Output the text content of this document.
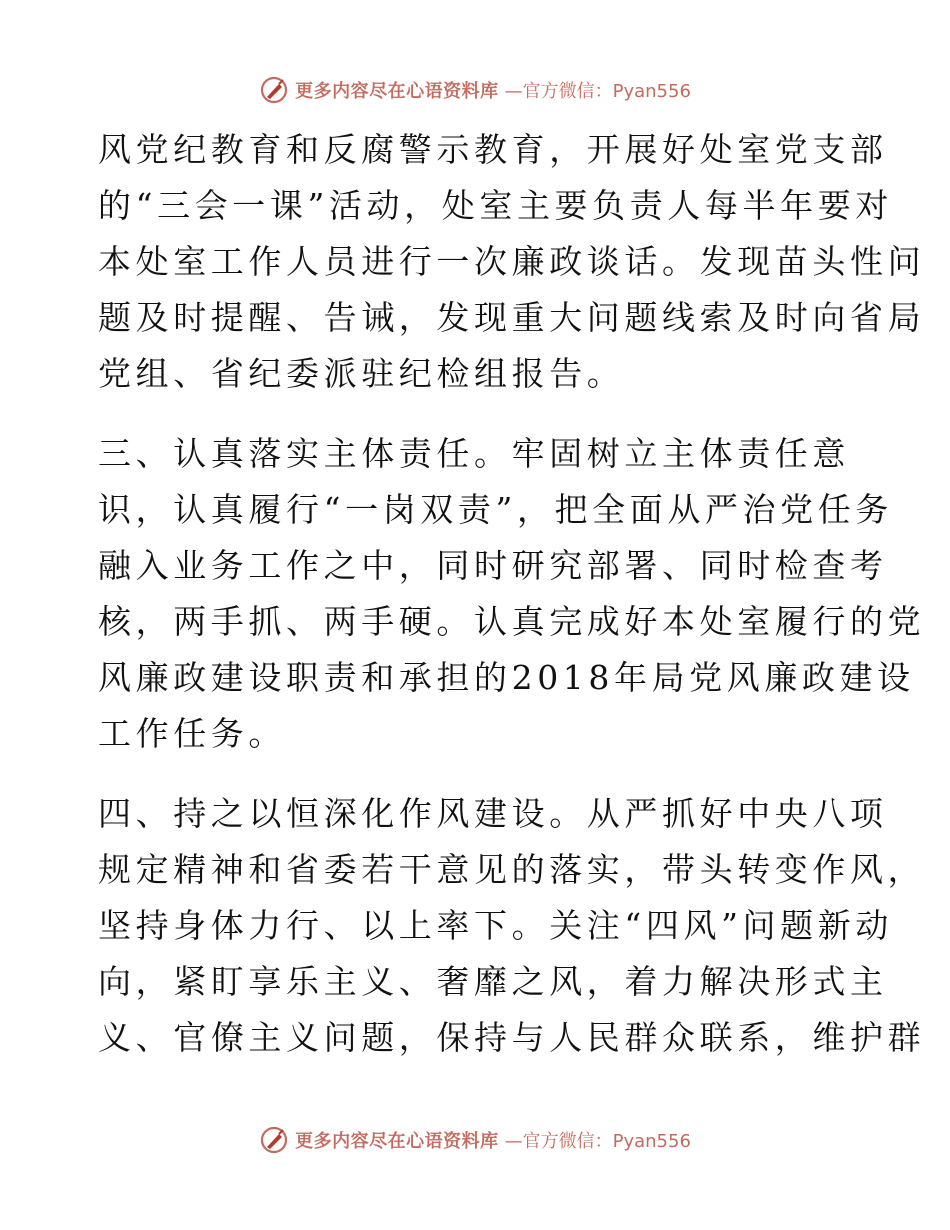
更多内容尽在心语资料库 —官方微信：Pyan556
风党纪教育和反腐警示教育，开展好处室党支部
的“三会一课”活动，处室主要负责人每半年要对
本处室工作人员进行一次廉政谈话。发现苗头性问
题及时提醒、告诫，发现重大问题线索及时向省局
党组、省纪委派驻纪检组报告。
三、认真落实主体责任。牢固树立主体责任意
识，认真履行“一岗双责”，把全面从严治党任务
融入业务工作之中，同时研究部署、同时检查考
核，两手抓、两手硬。认真完成好本处室履行的党
风廉政建设职责和承担的2018年局党风廉政建设
工作任务。
四、持之以恒深化作风建设。从严抓好中央八项
规定精神和省委若干意见的落实，带头转变作风，
坚持身体力行、以上率下。关注“四风”问题新动
向，紧盯享乐主义、奢靡之风，着力解决形式主
义、官僚主义问题，保持与人民群众联系，维护群
更多内容尽在心语资料库 —官方微信：Pyan556
